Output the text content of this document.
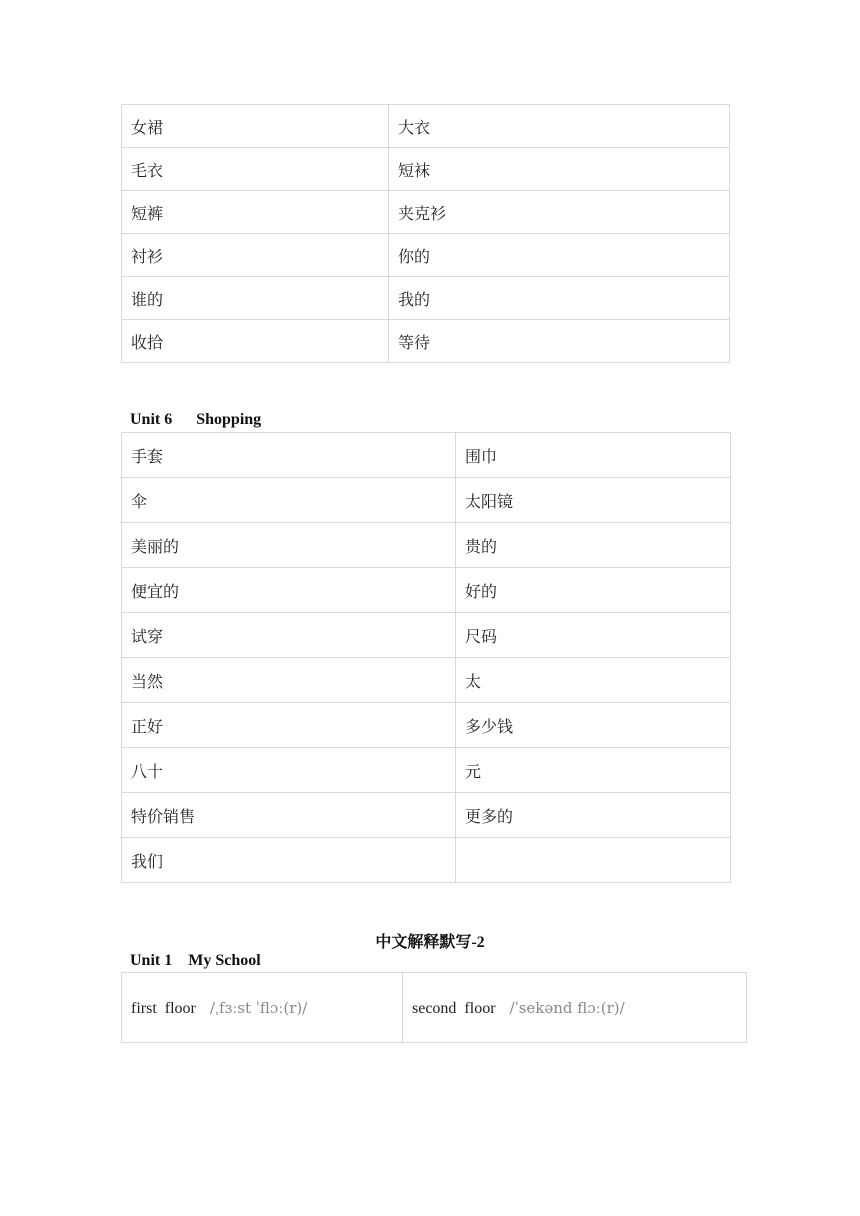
女裙	大衣
毛衣	短袜
短裤	夹克衫
衬衫	你的
谁的	我的
收拾	等待
Unit 6      Shopping
手套	围巾
伞	太阳镜
美丽的	贵的
便宜的	好的
试穿	尺码
当然	太
正好	多少钱
八十	元
特价销售	更多的
我们	
中文解释默写-2
Unit 1    My School
first  floor /ˌfɜːst ˈflɔː(r)/	second  floor /ˈsekənd flɔː(r)/
